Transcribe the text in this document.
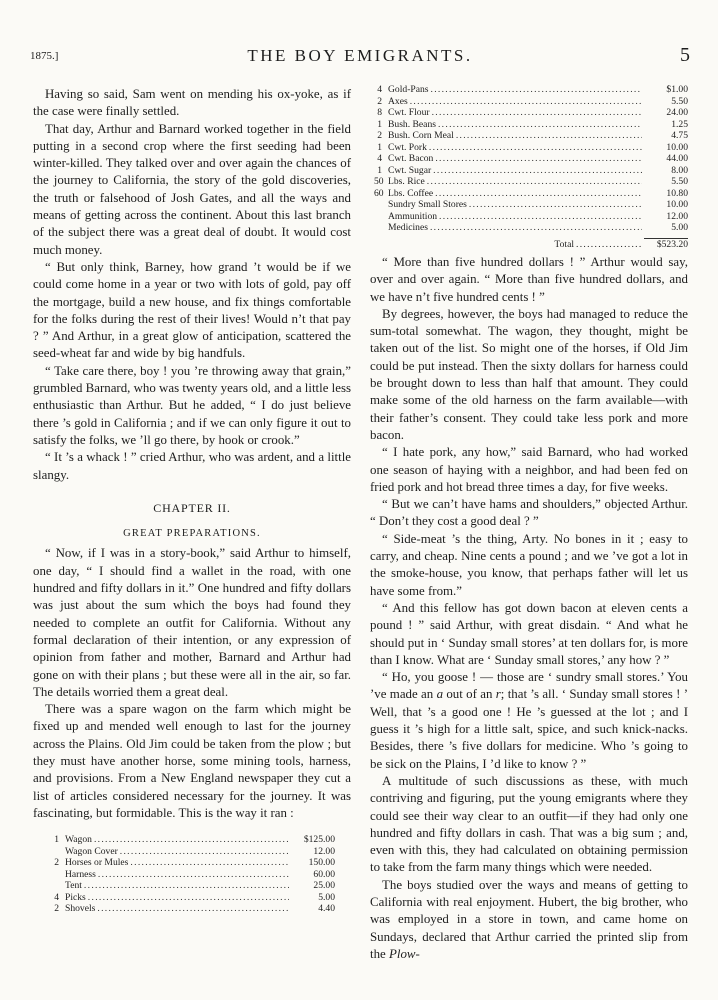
1875.]	THE BOY EMIGRANTS.	5

Having so said, Sam went on mending his ox-yoke, as if the case were finally settled.

That day, Arthur and Barnard worked together in the field putting in a second crop where the first seeding had been winter-killed. They talked over and over again the chances of the journey to California, the story of the gold discoveries, the truth or falsehood of Josh Gates, and all the ways and means of getting across the continent. About this last branch of the subject there was a great deal of doubt. It would cost much money.

“ But only think, Barney, how grand ’t would be if we could come home in a year or two with lots of gold, pay off the mortgage, build a new house, and fix things comfortable for the folks during the rest of their lives! Would n’t that pay ? ” And Arthur, in a great glow of anticipation, scattered the seed-wheat far and wide by big handfuls.

“ Take care there, boy ! you ’re throwing away that grain,” grumbled Barnard, who was twenty years old, and a little less enthusiastic than Arthur. But he added, “ I do just believe there ’s gold in California ; and if we can only figure it out to satisfy the folks, we ’ll go there, by hook or crook.”

“ It ’s a whack ! ” cried Arthur, who was ardent, and a little slangy.

CHAPTER II.

GREAT PREPARATIONS.

“ Now, if I was in a story-book,” said Arthur to himself, one day, “ I should find a wallet in the road, with one hundred and fifty dollars in it.” One hundred and fifty dollars was just about the sum which the boys had found they needed to complete an outfit for California. Without any formal declaration of their intention, or any expression of opinion from father and mother, Barnard and Arthur had gone on with their plans ; but these were all in the air, so far. The details worried them a great deal.

There was a spare wagon on the farm which might be fixed up and mended well enough to last for the journey across the Plains. Old Jim could be taken from the plow ; but they must have another horse, some mining tools, harness, and provisions. From a New England newspaper they cut a list of articles considered necessary for the journey. It was fascinating, but formidable. This is the way it ran :

1 Wagon .....	$125.00
Wagon Cover .....	12.00
2 Horses or Mules .....	150.00
Harness .....	60.00
Tent .....	25.00
4 Picks .....	5.00
2 Shovels .....	4.40
4 Gold-Pans .....	$1.00
2 Axes .....	5.50
8 Cwt. Flour .....	24.00
1 Bush. Beans .....	1.25
2 Bush. Corn Meal .....	4.75
1 Cwt. Pork .....	10.00
4 Cwt. Bacon .....	44.00
1 Cwt. Sugar .....	8.00
50 Lbs. Rice .....	5.50
60 Lbs. Coffee .....	10.80
Sundry Small Stores .....	10.00
Ammunition .....	12.00
Medicines .....	5.00
Total .....	$523.20

“ More than five hundred dollars ! ” Arthur would say, over and over again. “ More than five hundred dollars, and we have n’t five hundred cents ! ”

By degrees, however, the boys had managed to reduce the sum-total somewhat. The wagon, they thought, might be taken out of the list. So might one of the horses, if Old Jim could be put instead. Then the sixty dollars for harness could be brought down to less than half that amount. They could make some of the old harness on the farm available—with their father’s consent. They could take less pork and more bacon.

“ I hate pork, any how,” said Barnard, who had worked one season of haying with a neighbor, and had been fed on fried pork and hot bread three times a day, for five weeks.

“ But we can’t have hams and shoulders,” objected Arthur. “ Don’t they cost a good deal ? ”

“ Side-meat ’s the thing, Arty. No bones in it ; easy to carry, and cheap. Nine cents a pound ; and we ’ve got a lot in the smoke-house, you know, that perhaps father will let us have some from.”

“ And this fellow has got down bacon at eleven cents a pound ! ” said Arthur, with great disdain. “ And what he should put in ‘ Sunday small stores’ at ten dollars for, is more than I know. What are ‘ Sunday small stores,’ any how ? ”

“ Ho, you goose ! — those are ‘ sundry small stores.’ You ’ve made an a out of an r; that ’s all. ‘ Sunday small stores ! ’ Well, that ’s a good one ! He ’s guessed at the lot ; and I guess it ’s high for a little salt, spice, and such knick-nacks. Besides, there ’s five dollars for medicine. Who ’s going to be sick on the Plains, I ’d like to know ? ”

A multitude of such discussions as these, with much contriving and figuring, put the young emigrants where they could see their way clear to an outfit—if they had only one hundred and fifty dollars in cash. That was a big sum ; and, even with this, they had calculated on obtaining permission to take from the farm many things which were needed.

The boys studied over the ways and means of getting to California with real enjoyment. Hubert, the big brother, who was employed in a store in town, and came home on Sundays, declared that Arthur carried the printed slip from the Plow-
